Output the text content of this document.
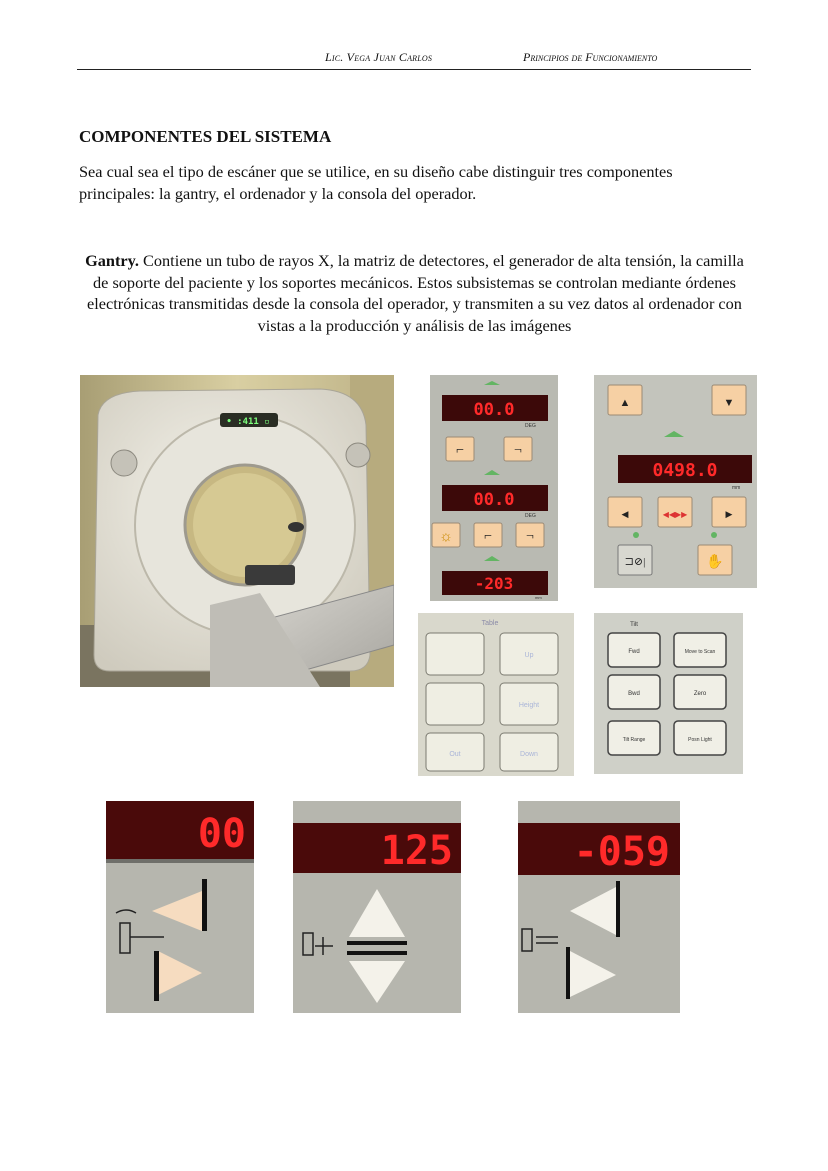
Lic. Vega Juan Carlos	Principios de Funcionamiento
COMPONENTES DEL SISTEMA
Sea cual sea el tipo de escáner que se utilice, en su diseño cabe distinguir tres componentes principales: la gantry, el ordenador y la consola del operador.
Gantry. Contiene un tubo de rayos X, la matriz de detectores, el generador de alta tensión, la camilla de soporte del paciente y los soportes mecánicos. Estos subsistemas se controlan mediante órdenes electrónicas transmitidas desde la consola del operador, y transmiten a su vez datos al ordenador con vistas a la producción y análisis de las imágenes
• :411 ▫
00.0
DEG
⌐	¬
00.0
DEG
☼ ⌐ ¬
-203
mm
▲	▼
0498.0
mm
◀	◀◀▶▶	▶
⊐⊘|	✋
Table
Up
Height
Out	Down
Tilt
Fwd	Move to Scan
Bwd	Zero
Tilt Range	Posn Light
00	125	-059
